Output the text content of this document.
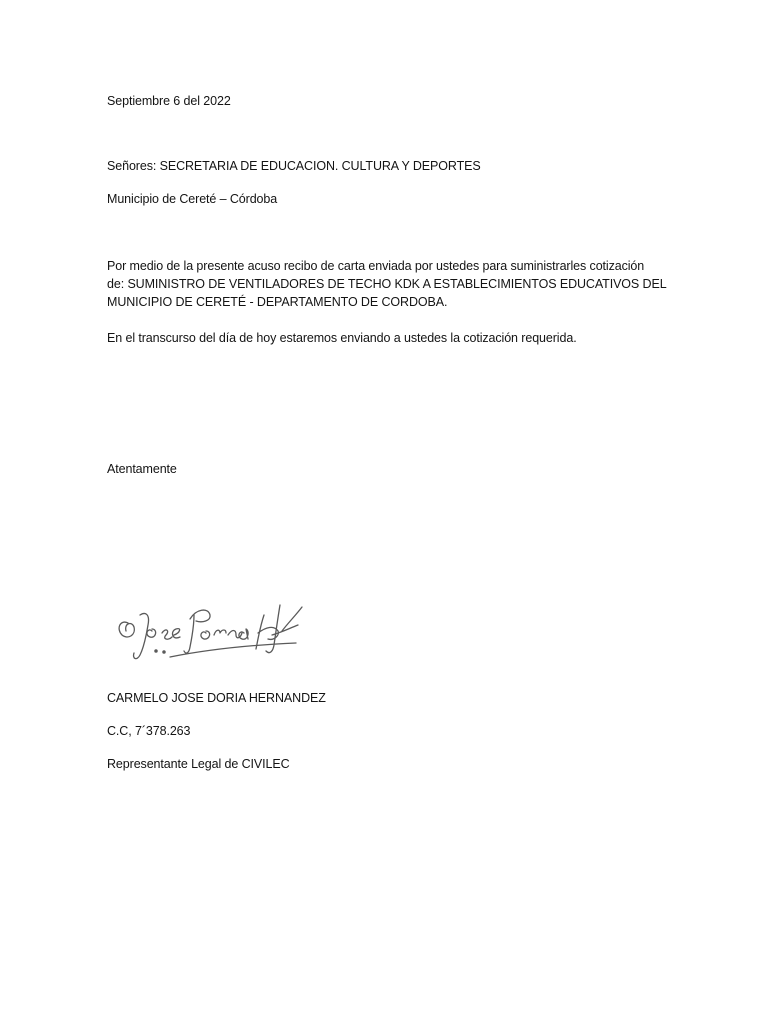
Septiembre 6 del 2022
Señores: SECRETARIA DE EDUCACION. CULTURA Y DEPORTES
Municipio de Cereté – Córdoba
Por medio de la presente acuso recibo de carta enviada por ustedes para suministrarles cotización
de: SUMINISTRO DE VENTILADORES DE TECHO KDK A ESTABLECIMIENTOS EDUCATIVOS DEL
MUNICIPIO DE CERETÉ - DEPARTAMENTO DE CORDOBA.
En el transcurso del día de hoy estaremos enviando a ustedes la cotización requerida.
Atentamente
CARMELO JOSE DORIA HERNANDEZ
C.C, 7´378.263
Representante Legal de CIVILEC
